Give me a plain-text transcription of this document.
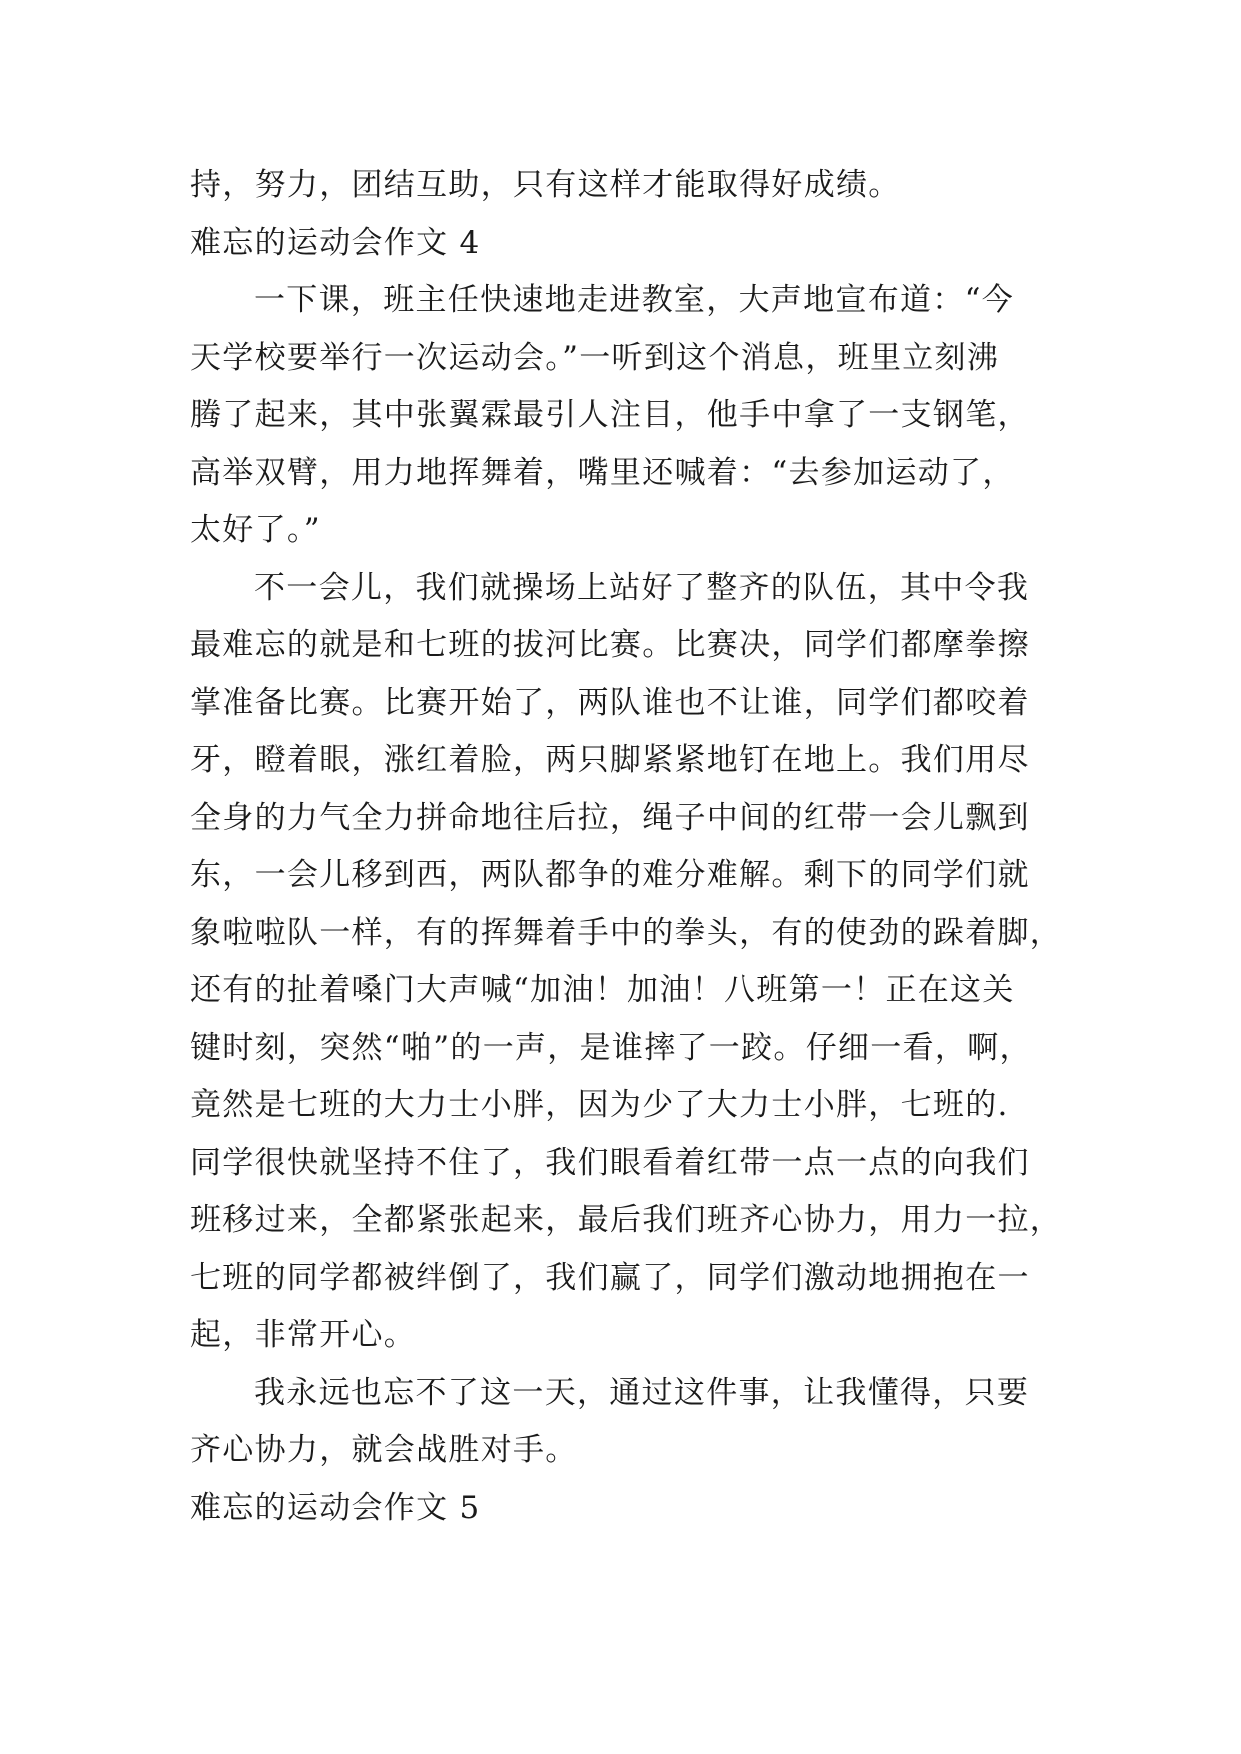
持，努力，团结互助，只有这样才能取得好成绩。
难忘的运动会作文 4
一下课，班主任快速地走进教室，大声地宣布道：“今
天学校要举行一次运动会。”一听到这个消息，班里立刻沸
腾了起来，其中张翼霖最引人注目，他手中拿了一支钢笔，
高举双臂，用力地挥舞着，嘴里还喊着：“去参加运动了，
太好了。”
不一会儿，我们就操场上站好了整齐的队伍，其中令我
最难忘的就是和七班的拔河比赛。比赛决，同学们都摩拳擦
掌准备比赛。比赛开始了，两队谁也不让谁，同学们都咬着
牙，瞪着眼，涨红着脸，两只脚紧紧地钉在地上。我们用尽
全身的力气全力拼命地往后拉，绳子中间的红带一会儿飘到
东，一会儿移到西，两队都争的难分难解。剩下的同学们就
象啦啦队一样，有的挥舞着手中的拳头，有的使劲的跺着脚，
还有的扯着嗓门大声喊“加油！加油！八班第一！正在这关
键时刻，突然“啪”的一声，是谁摔了一跤。仔细一看，啊，
竟然是七班的大力士小胖，因为少了大力士小胖，七班的.
同学很快就坚持不住了，我们眼看着红带一点一点的向我们
班移过来，全都紧张起来，最后我们班齐心协力，用力一拉，
七班的同学都被绊倒了，我们赢了，同学们激动地拥抱在一
起，非常开心。
我永远也忘不了这一天，通过这件事，让我懂得，只要
齐心协力，就会战胜对手。
难忘的运动会作文 5
